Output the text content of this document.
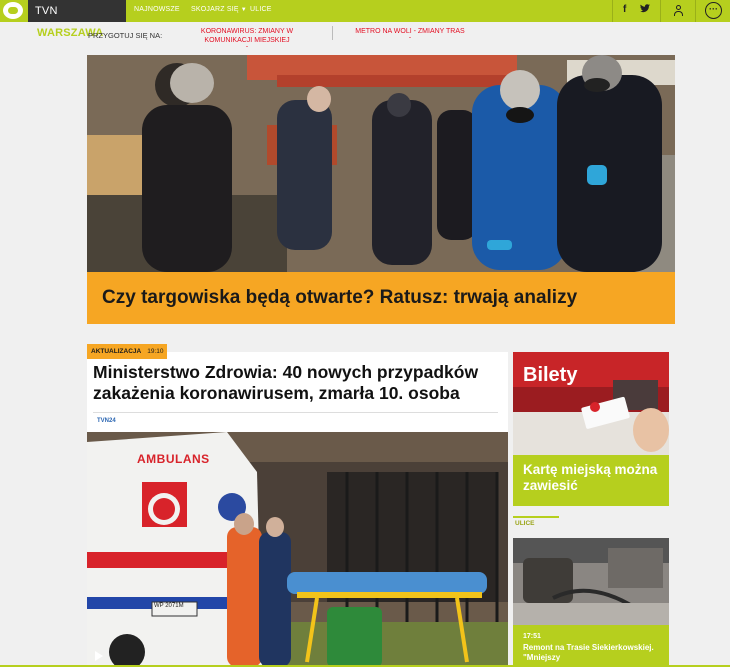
TVN WARSZAWA
NAJNOWSZE SKOJARZ SIĘ ▼ ULICE	f	···
PRZYGOTUJ SIĘ NA:	KORONAWIRUS: ZMIANY W KOMUNIKACJI MIEJSKIEJ
ˇ
METRO NA WOLI - ZMIANY TRAS
ˇ
Czy targowiska będą otwarte? Ratusz: trwają analizy
Ministerstwo Zdrowia: 40 nowych przypadków zakażenia koronawirusem, zmarła 10. osoba
TVN24
AMBULANS
WP 2071M
AKTUALIZACJA 19:10
Bilety
Kartę miejską można zawiesić
ULICE
17:51
Remont na Trasie Siekierkowskiej. "Mniejszy
